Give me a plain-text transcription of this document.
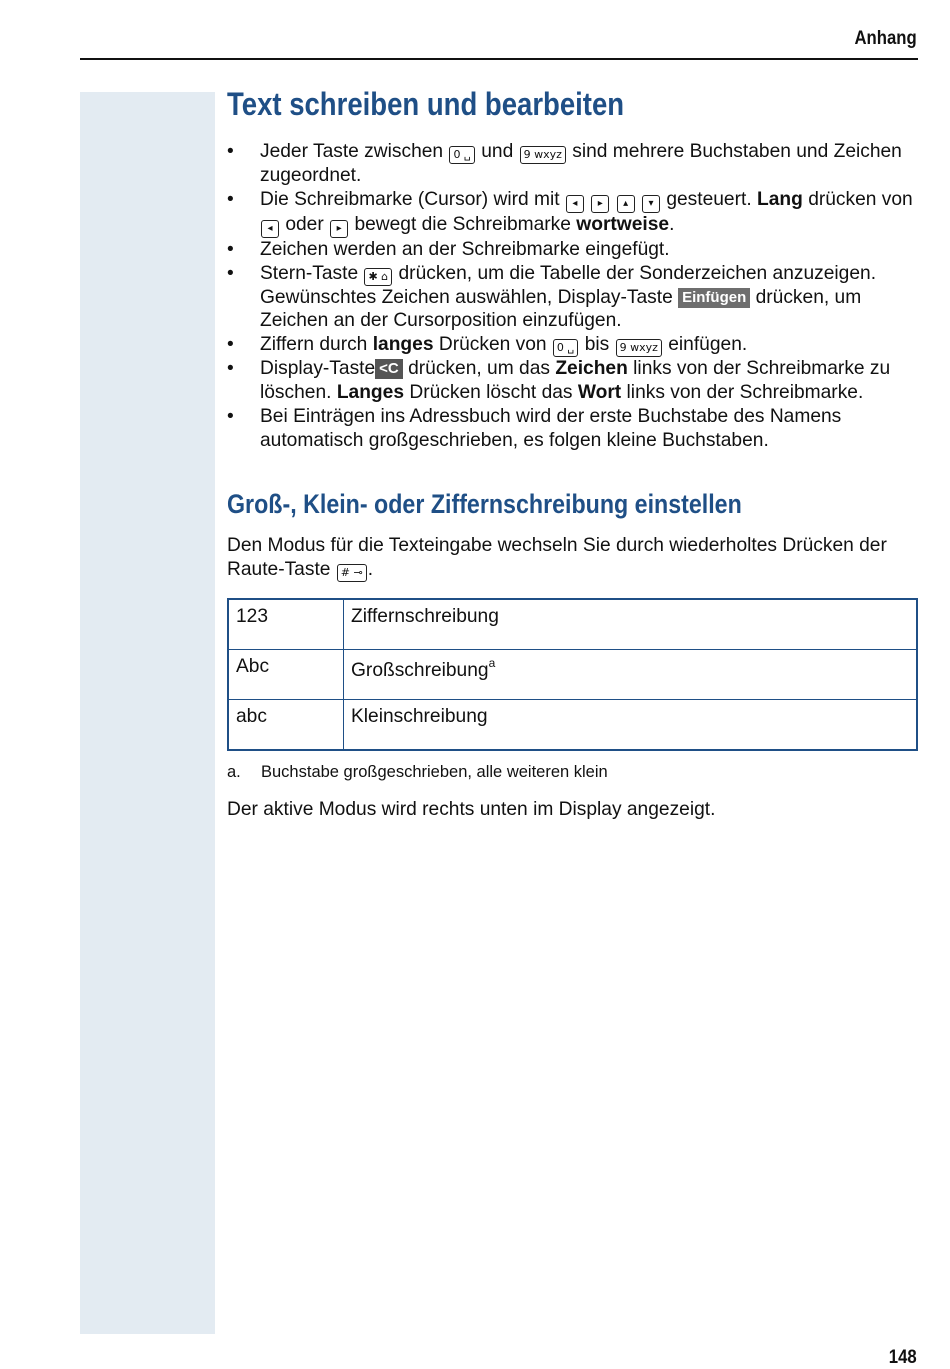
Anhang
Text schreiben und bearbeiten
• Jeder Taste zwischen 0 ␣ und 9 wxyz sind mehrere Buchstaben und Zeichen zugeordnet.
• Die Schreibmarke (Cursor) wird mit ◂ ▸ ▴ ▾ gesteuert. Lang drücken von ◂ oder ▸ bewegt die Schreibmarke wortweise.
• Zeichen werden an der Schreibmarke eingefügt.
• Stern-Taste ✱ ⌂ drücken, um die Tabelle der Sonderzeichen anzuzeigen. Gewünschtes Zeichen auswählen, Display-Taste Einfügen drücken, um Zeichen an der Cursorposition einzufügen.
• Ziffern durch langes Drücken von 0 ␣ bis 9 wxyz einfügen.
• Display-Taste <C drücken, um das Zeichen links von der Schreibmarke zu löschen. Langes Drücken löscht das Wort links von der Schreibmarke.
• Bei Einträgen ins Adressbuch wird der erste Buchstabe des Namens automatisch großgeschrieben, es folgen kleine Buchstaben.
Groß-, Klein- oder Ziffernschreibung einstellen

Den Modus für die Texteingabe wechseln Sie durch wiederholtes Drücken der Raute-Taste # ⊸ .

123	Ziffernschreibung
Abc	Großschreibung$^a$
abc	Kleinschreibung
a.	Buchstabe großgeschrieben, alle weiteren klein

Der aktive Modus wird rechts unten im Display angezeigt.

148
